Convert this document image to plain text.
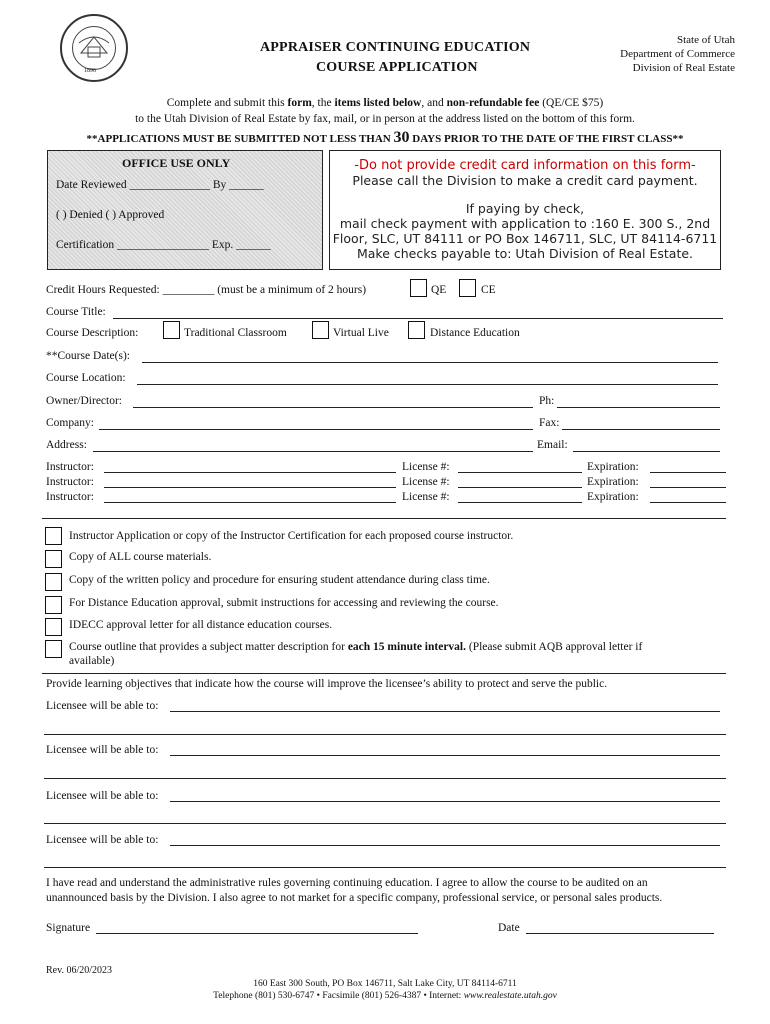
1896
APPRAISER CONTINUING EDUCATION
COURSE APPLICATION
State of Utah
Department of Commerce
Division of Real Estate
Complete and submit this form, the items listed below, and non-refundable fee (QE/CE $75)
to the Utah Division of Real Estate by fax, mail, or in person at the address listed on the bottom of this form.
**APPLICATIONS MUST BE SUBMITTED NOT LESS THAN 30 DAYS PRIOR TO THE DATE OF THE FIRST CLASS**
OFFICE USE ONLY
Date Reviewed ______________ By ______
( ) Denied ( ) Approved
Certification ________________ Exp. ______
-Do not provide credit card information on this form-
Please call the Division to make a credit card payment.
If paying by check,
mail check payment with application to :160 E. 300 S., 2nd
Floor, SLC, UT 84111 or PO Box 146711, SLC, UT 84114-6711
Make checks payable to: Utah Division of Real Estate.
Credit Hours Requested: _________ (must be a minimum of 2 hours)	QE	CE
Course Title:
Course Description:	Traditional Classroom	Virtual Live	Distance Education
**Course Date(s):
Course Location:
Owner/Director:	Ph:
Company:	Fax:
Address:	Email:
Instructor:	License #:	Expiration:
Instructor:	License #:	Expiration:
Instructor:	License #:	Expiration:
Instructor Application or copy of the Instructor Certification for each proposed course instructor.
Copy of ALL course materials.
Copy of the written policy and procedure for ensuring student attendance during class time.
For Distance Education approval, submit instructions for accessing and reviewing the course.
IDECC approval letter for all distance education courses.
Course outline that provides a subject matter description for each 15 minute interval. (Please submit AQB approval letter if
available)
Provide learning objectives that indicate how the course will improve the licensee’s ability to protect and serve the public.
Licensee will be able to:
Licensee will be able to:
Licensee will be able to:
Licensee will be able to:
I have read and understand the administrative rules governing continuing education. I agree to allow the course to be audited on an
unannounced basis by the Division. I also agree to not market for a specific company, professional service, or personal sales products.
Signature	Date
Rev. 06/20/2023
160 East 300 South, PO Box 146711, Salt Lake City, UT 84114-6711
Telephone (801) 530-6747 • Facsimile (801) 526-4387 • Internet: www.realestate.utah.gov
